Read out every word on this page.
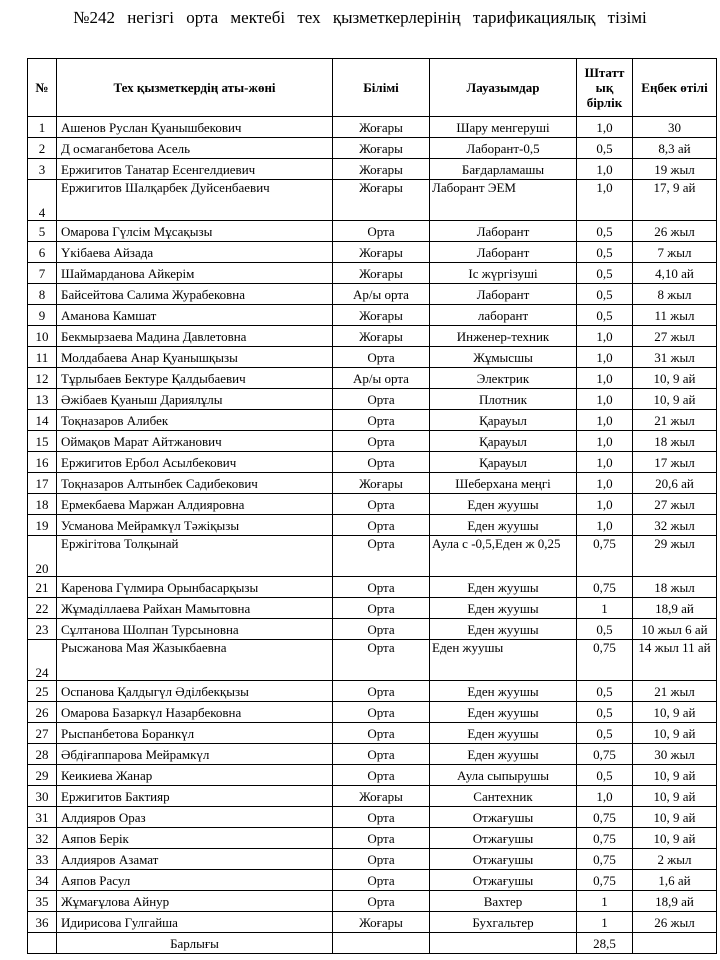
№242 негізгі орта мектебі тех қызметкерлерінің тарификациялық тізімі
№	Тех қызметкердің аты-жөні	Білімі	Лауазымдар	Штатт ық бірлік	Еңбек өтілі
1	Ашенов Руслан Қуанышбекович	Жоғары	Шару менгеруші	1,0	30
2	Д осмаганбетова Асель	Жоғары	Лаборант-0,5	0,5	8,3 ай
3	Ержигитов Танатар Есенгелдиевич	Жоғары	Бағдарламашы	1,0	19 жыл
4	Ержигитов Шалқарбек Дуйсенбаевич	Жоғары	Лаборант ЭЕМ	1,0	17, 9 ай
5	Омарова Гүлсім Мұсақызы	Орта	Лаборант	0,5	26 жыл
6	Үкібаева Айзада	Жоғары	Лаборант	0,5	7 жыл
7	Шаймарданова Айкерім	Жоғары	Іс жүргізуші	0,5	4,10 ай
8	Байсейтова Салима Журабековна	Ар/ы орта	Лаборант	0,5	8 жыл
9	Аманова Камшат	Жоғары	лаборант	0,5	11 жыл
10	Бекмырзаева Мадина Давлетовна	Жоғары	Инженер-техник	1,0	27 жыл
11	Молдабаева Анар Қуанышқызы	Орта	Жұмысшы	1,0	31 жыл
12	Тұрлыбаев Бектуре Қалдыбаевич	Ар/ы орта	Электрик	1,0	10, 9 ай
13	Әжібаев Қуаныш Дариялұлы	Орта	Плотник	1,0	10, 9 ай
14	Тоқназаров Алибек	Орта	Қарауыл	1,0	21 жыл
15	Оймақов Марат Айтжанович	Орта	Қарауыл	1,0	18 жыл
16	Ержигитов Ербол Асылбекович	Орта	Қарауыл	1,0	17 жыл
17	Тоқназаров Алтынбек Садибекович	Жоғары	Шеберхана меңгі	1,0	20,6 ай
18	Ермекбаева Маржан Алдияровна	Орта	Еден жуушы	1,0	27 жыл
19	Усманова Мейрамкүл Тәжіқызы	Орта	Еден жуушы	1,0	32 жыл
20	Ержігітова Толқынай	Орта	Аула с -0,5,Еден ж 0,25	0,75	29 жыл
21	Каренова Гүлмира Орынбасарқызы	Орта	Еден жуушы	0,75	18 жыл
22	Жұмаділлаева Райхан Мамытовна	Орта	Еден жуушы	1	18,9 ай
23	Сұлтанова Шолпан Турсыновна	Орта	Еден жуушы	0,5	10 жыл 6 ай
24	Рысжанова Мая Жазыкбаевна	Орта	Еден жуушы	0,75	14 жыл 11 ай
25	Оспанова Қалдыгүл Әділбекқызы	Орта	Еден жуушы	0,5	21 жыл
26	Омарова Базаркүл Назарбековна	Орта	Еден жуушы	0,5	10, 9 ай
27	Рыспанбетова Боранкүл	Орта	Еден жуушы	0,5	10, 9 ай
28	Әбдіғаппарова Мейрамкүл	Орта	Еден жуушы	0,75	30 жыл
29	Кеикиева Жанар	Орта	Аула сыпырушы	0,5	10, 9 ай
30	Ержигитов Бактияр	Жоғары	Сантехник	1,0	10, 9 ай
31	Алдияров Ораз	Орта	Отжағушы	0,75	10, 9 ай
32	Аяпов Берік	Орта	Отжағушы	0,75	10, 9 ай
33	Алдияров Азамат	Орта	Отжағушы	0,75	2 жыл
34	Аяпов Расул	Орта	Отжағушы	0,75	1,6 ай
35	Жұмағұлова Айнур	Орта	Вахтер	1	18,9 ай
36	Идирисова Гулгайша	Жоғары	Бухгальтер	1	26 жыл
	Барлығы			28,5	
